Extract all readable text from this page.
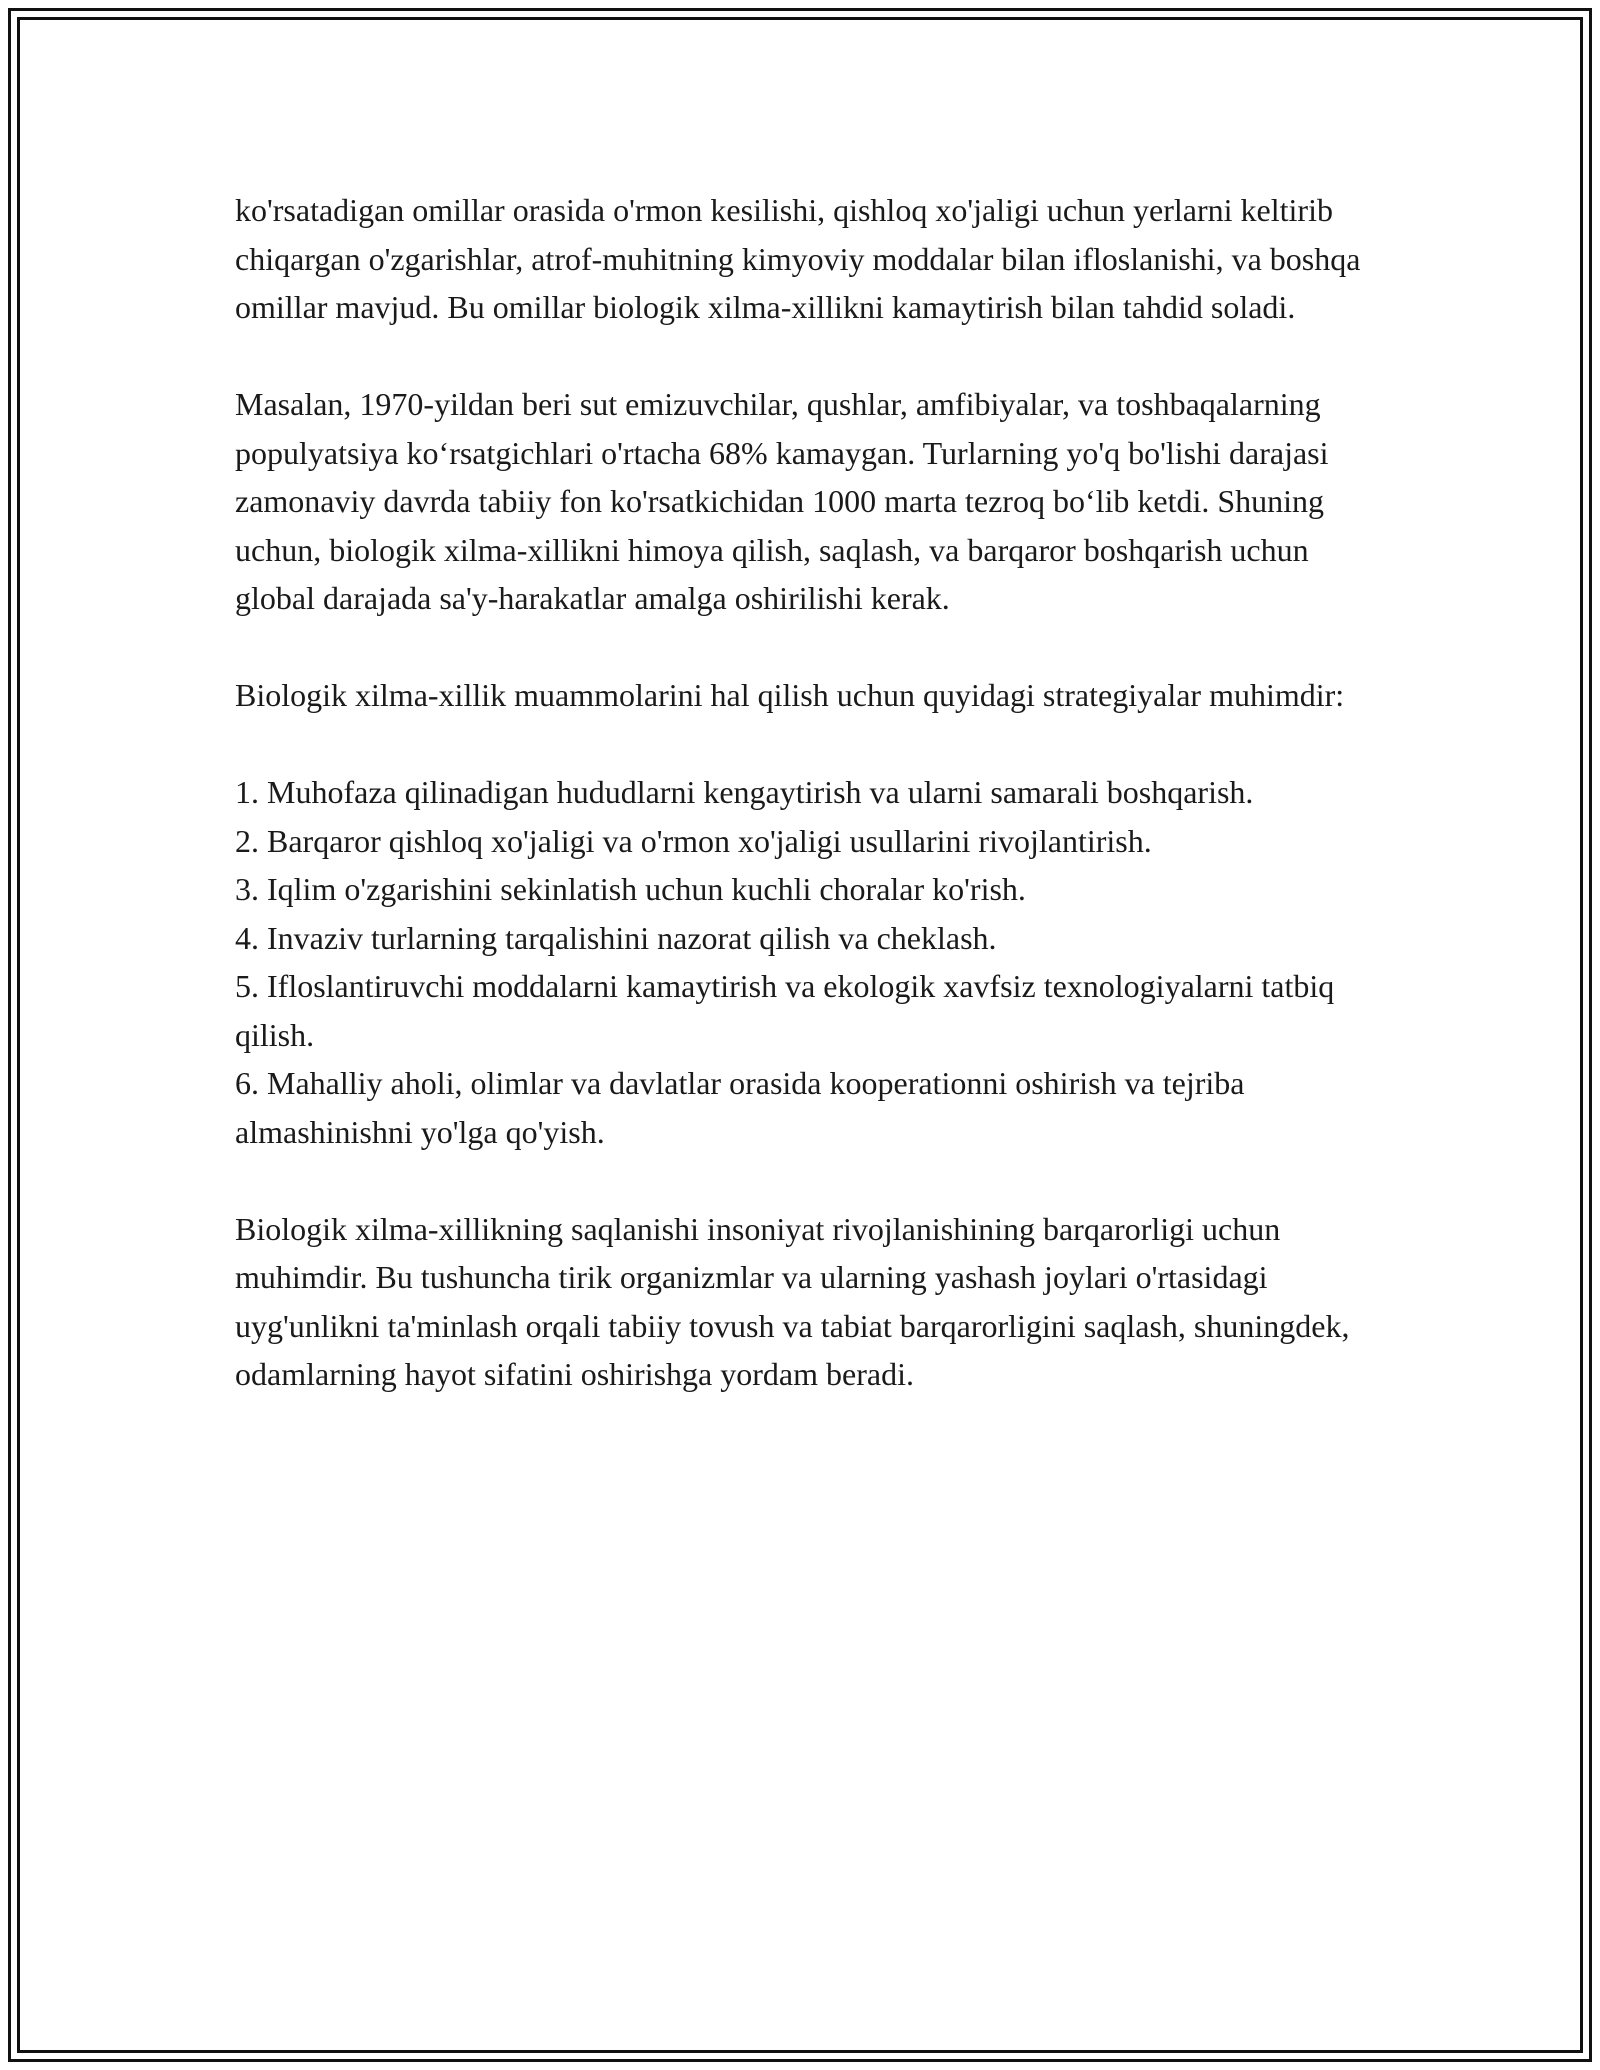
ko'rsatadigan omillar orasida o'rmon kesilishi, qishloq xo'jaligi uchun yerlarni keltirib chiqargan o'zgarishlar, atrof-muhitning kimyoviy moddalar bilan ifloslanishi, va boshqa omillar mavjud. Bu omillar biologik xilma-xillikni kamaytirish bilan tahdid soladi.

Masalan, 1970-yildan beri sut emizuvchilar, qushlar, amfibiyalar, va toshbaqalarning populyatsiya koʻrsatgichlari o'rtacha 68% kamaygan. Turlarning yo'q bo'lishi darajasi zamonaviy davrda tabiiy fon ko'rsatkichidan 1000 marta tezroq boʻlib ketdi. Shuning uchun, biologik xilma-xillikni himoya qilish, saqlash, va barqaror boshqarish uchun global darajada sa'y-harakatlar amalga oshirilishi kerak.

Biologik xilma-xillik muammolarini hal qilish uchun quyidagi strategiyalar muhimdir:

1. Muhofaza qilinadigan hududlarni kengaytirish va ularni samarali boshqarish.
2. Barqaror qishloq xo'jaligi va o'rmon xo'jaligi usullarini rivojlantirish.
3. Iqlim o'zgarishini sekinlatish uchun kuchli choralar ko'rish.
4. Invaziv turlarning tarqalishini nazorat qilish va cheklash.
5. Ifloslantiruvchi moddalarni kamaytirish va ekologik xavfsiz texnologiyalarni tatbiq qilish.
6. Mahalliy aholi, olimlar va davlatlar orasida kooperationni oshirish va tejriba almashinishni yo'lga qo'yish.

Biologik xilma-xillikning saqlanishi insoniyat rivojlanishining barqarorligi uchun muhimdir. Bu tushuncha tirik organizmlar va ularning yashash joylari o'rtasidagi uyg'unlikni ta'minlash orqali tabiiy tovush va tabiat barqarorligini saqlash, shuningdek, odamlarning hayot sifatini oshirishga yordam beradi.
